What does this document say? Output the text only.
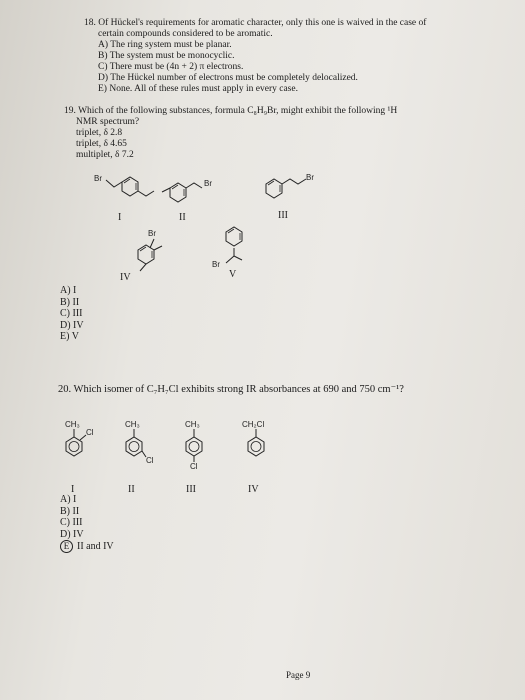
18. Of Hückel's requirements for aromatic character, only this one is waived in the case of
certain compounds considered to be aromatic.
A) The ring system must be planar.
B) The system must be monocyclic.
C) There must be (4n + 2) π electrons.
D) The Hückel number of electrons must be completely delocalized.
E) None. All of these rules must apply in every case.
19. Which of the following substances, formula C₈H₉Br, might exhibit the following ¹H
NMR spectrum?
triplet, δ 2.8
triplet, δ 4.65
multiplet, δ 7.2
Br
Br
Br
Br
Br
I	II	III
IV	V
A) I
B) II
C) III
D) IV
E) V
20. Which isomer of C₇H₇Cl exhibits strong IR absorbances at 690 and 750 cm⁻¹?
CH₃
Cl
CH₃
Cl
CH₃
Cl
CH₂Cl
I	II	III	IV
A) I
B) II
C) III
D) IV
E II and IV
Page 9
